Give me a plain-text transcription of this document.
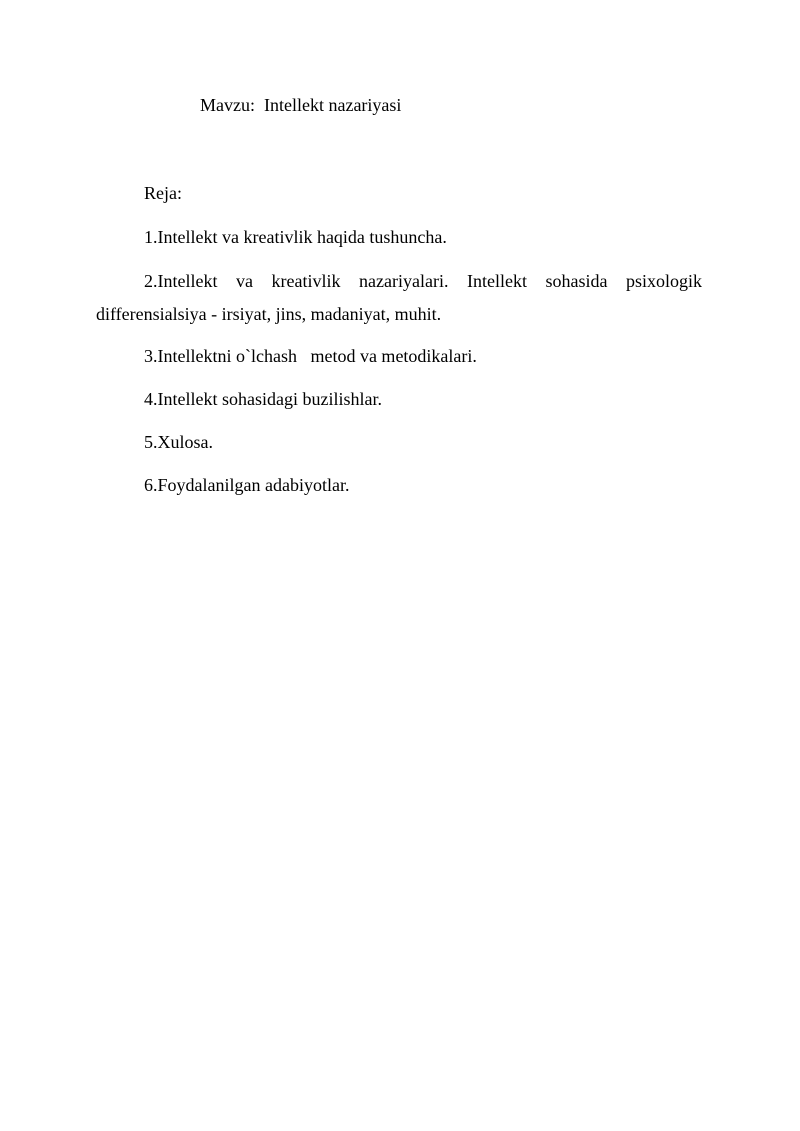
Mavzu:  Intellekt nazariyasi
Reja:
1.Intellekt va kreativlik haqida tushuncha.
2.Intellekt va kreativlik nazariyalari. Intellekt sohasida psixologik
differensialsiya - irsiyat, jins, madaniyat, muhit.
3.Intellektni o`lchash   metod va metodikalari.
4.Intellekt sohasidagi buzilishlar.
5.Xulosa.
6.Foydalanilgan adabiyotlar.
